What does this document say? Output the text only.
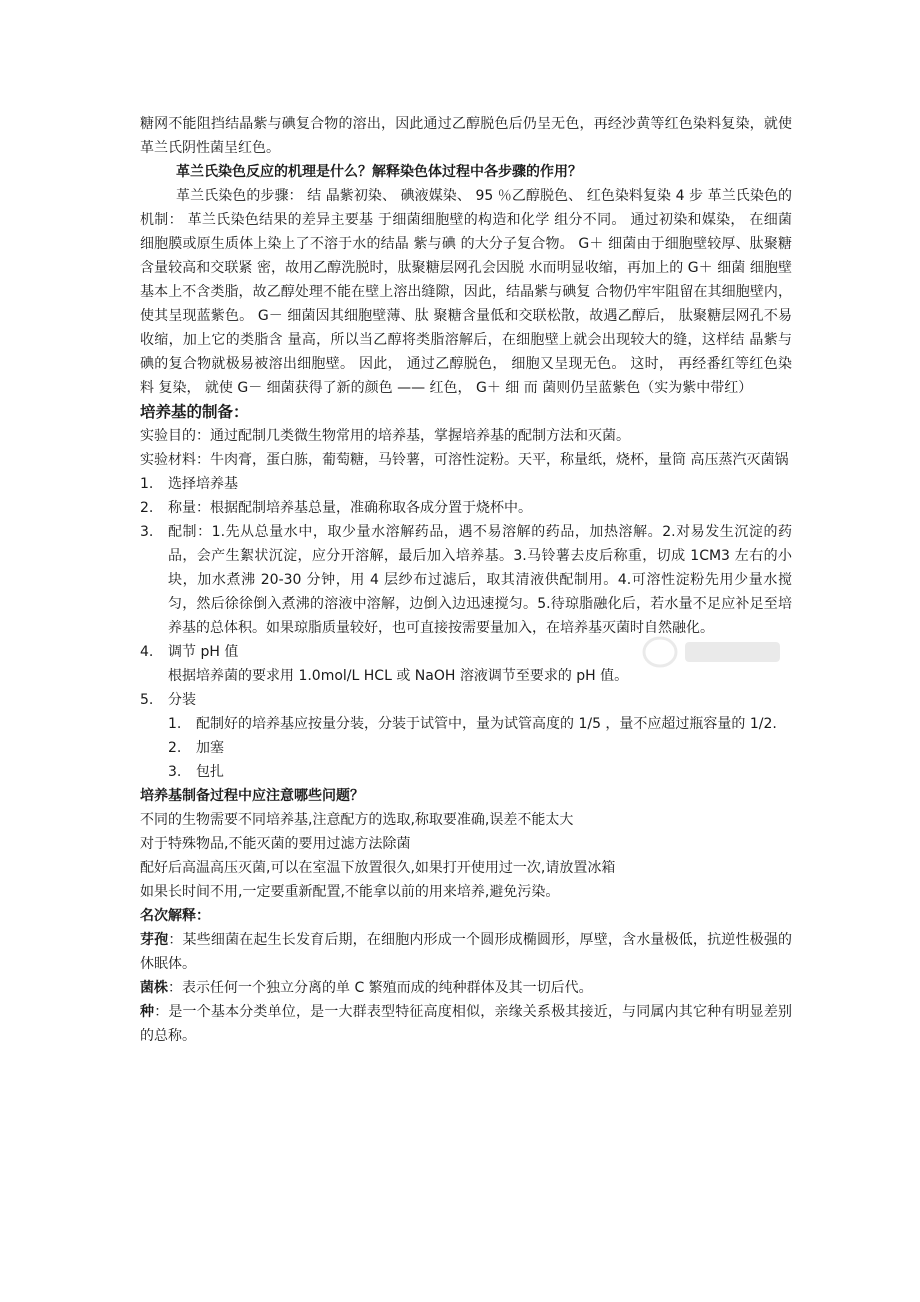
糖网不能阻挡结晶紫与碘复合物的溶出，因此通过乙醇脱色后仍呈无色，再经沙黄等红色染料复染，就使革兰氏阴性菌呈红色。

革兰氏染色反应的机理是什么？解释染色体过程中各步骤的作用？

革兰氏染色的步骤： 结 晶紫初染、 碘液媒染、 95 ％乙醇脱色、 红色染料复染 4 步 革兰氏染色的机制： 革兰氏染色结果的差异主要基 于细菌细胞壁的构造和化学 组分不同。 通过初染和媒染， 在细菌细胞膜或原生质体上染上了不溶于水的结晶 紫与碘 的大分子复合物。 G＋ 细菌由于细胞壁较厚、肽聚糖含量较高和交联紧 密，故用乙醇洗脱时，肽聚糖层网孔会因脱 水而明显收缩，再加上的 G＋ 细菌 细胞壁基本上不含类脂，故乙醇处理不能在壁上溶出缝隙，因此，结晶紫与碘复 合物仍牢牢阻留在其细胞壁内，使其呈现蓝紫色。 G－ 细菌因其细胞壁薄、肽 聚糖含量低和交联松散，故遇乙醇后， 肽聚糖层网孔不易收缩，加上它的类脂含 量高，所以当乙醇将类脂溶解后，在细胞壁上就会出现较大的缝，这样结 晶紫与 碘的复合物就极易被溶出细胞壁。 因此， 通过乙醇脱色， 细胞又呈现无色。 这时， 再经番红等红色染料 复染， 就使 G－ 细菌获得了新的颜色 —— 红色， G＋ 细 而 菌则仍呈蓝紫色（实为紫中带红）

培养基的制备：

实验目的：通过配制几类微生物常用的培养基，掌握培养基的配制方法和灭菌。

实验材料：牛肉膏，蛋白胨，葡萄糖，马铃薯，可溶性淀粉。天平，称量纸，烧杯，量筒 高压蒸汽灭菌锅

1. 选择培养基
2. 称量：根据配制培养基总量，准确称取各成分置于烧杯中。
3. 配制：1.先从总量水中，取少量水溶解药品，遇不易溶解的药品，加热溶解。2.对易发生沉淀的药品，会产生絮状沉淀，应分开溶解，最后加入培养基。3.马铃薯去皮后称重，切成 1CM3 左右的小块，加水煮沸 20-30 分钟，用 4 层纱布过滤后，取其清液供配制用。4.可溶性淀粉先用少量水搅匀，然后徐徐倒入煮沸的溶液中溶解，边倒入边迅速搅匀。5.待琼脂融化后，若水量不足应补足至培养基的总体积。如果琼脂质量较好，也可直接按需要量加入，在培养基灭菌时自然融化。
4. 调节 pH 值

根据培养菌的要求用 1.0mol/L HCL 或 NaOH 溶液调节至要求的 pH 值。

5. 分装
1. 配制好的培养基应按量分装，分装于试管中，量为试管高度的 1/5 ，量不应超过瓶容量的 1/2.
2. 加塞
3. 包扎

培养基制备过程中应注意哪些问题？

不同的生物需要不同培养基,注意配方的选取,称取要准确,误差不能太大

对于特殊物品,不能灭菌的要用过滤方法除菌

配好后高温高压灭菌,可以在室温下放置很久,如果打开使用过一次,请放置冰箱

如果长时间不用,一定要重新配置,不能拿以前的用来培养,避免污染。

名次解释：

芽孢：某些细菌在起生长发育后期，在细胞内形成一个圆形成椭圆形，厚壁，含水量极低，抗逆性极强的休眠体。

菌株：表示任何一个独立分离的单 C 繁殖而成的纯种群体及其一切后代。

种：是一个基本分类单位，是一大群表型特征高度相似，亲缘关系极其接近，与同属内其它种有明显差别的总称。
